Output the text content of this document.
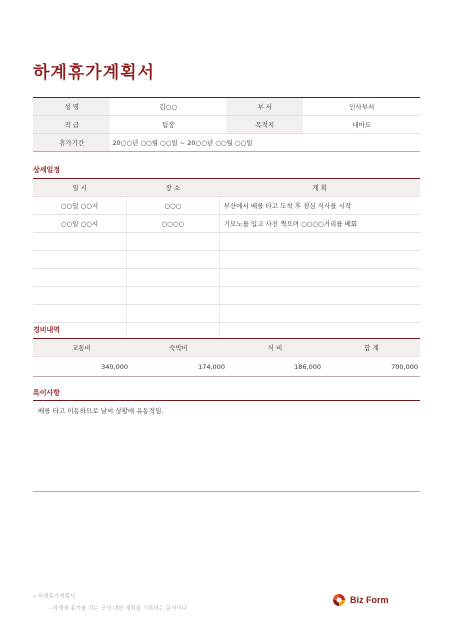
하계휴가계획서
성 명	김○○	부 서	인사부서
직 급	팀장	목적지	대마도
휴가기간	20○○년 ○○월 ○○일 ~ 20○○년 ○○월 ○○일		
상세일정
일 시	장 소	계 획
○○일 ○○시	○○○	부산에서 배를 타고 도착 후 점심 식사를 시작
○○일 ○○시	○○○○	기모노를 입고 사진 찍으며 ○○○○거리를 배회

경비내역
교통비	숙박비	식 비	합 계
340,000	174,000	186,000	700,000
특이사항
배를 타고 이동하므로 날씨 상황에 유동적임.
• 하계휴가계획서
- 하계에 휴가를 가는 곳에 대한 계획을 기록하는 문서이다.
Biz Form
